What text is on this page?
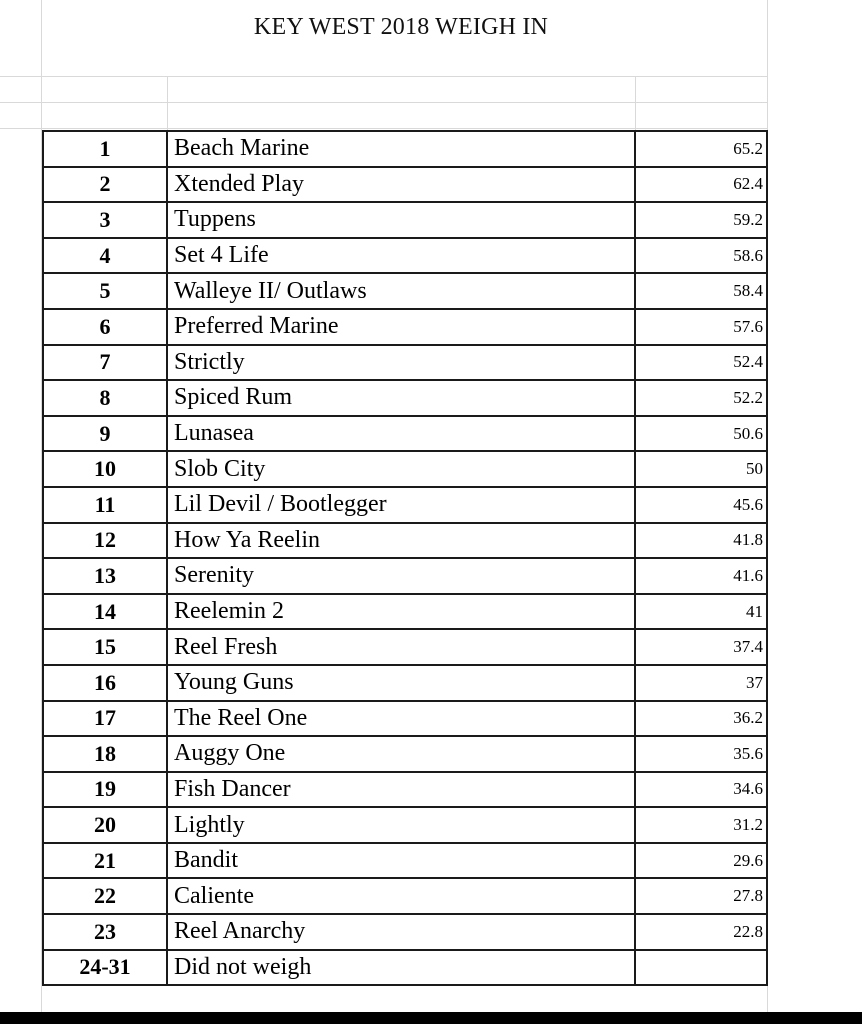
KEY WEST 2018 WEIGH IN
1	Beach Marine	65.2
2	Xtended Play	62.4
3	Tuppens	59.2
4	Set 4 Life	58.6
5	Walleye II/ Outlaws	58.4
6	Preferred Marine	57.6
7	Strictly	52.4
8	Spiced Rum	52.2
9	Lunasea	50.6
10	Slob City	50
11	Lil Devil / Bootlegger	45.6
12	How Ya Reelin	41.8
13	Serenity	41.6
14	Reelemin 2	41
15	Reel Fresh	37.4
16	Young Guns	37
17	The Reel One	36.2
18	Auggy One	35.6
19	Fish Dancer	34.6
20	Lightly	31.2
21	Bandit	29.6
22	Caliente	27.8
23	Reel Anarchy	22.8
24-31	Did not weigh	
